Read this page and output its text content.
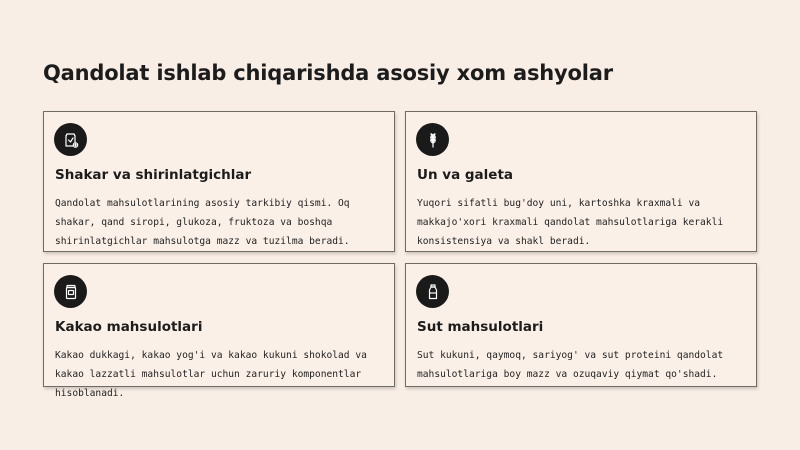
Qandolat ishlab chiqarishda asosiy xom ashyolar
Shakar va shirinlatgichlar

Qandolat mahsulotlarining asosiy tarkibiy qismi. Oq shakar, qand siropi, glukoza, fruktoza va boshqa shirinlatgichlar mahsulotga mazz va tuzilma beradi.

Un va galeta

Yuqori sifatli bug'doy uni, kartoshka kraxmali va makkajo'xori kraxmali qandolat mahsulotlariga kerakli konsistensiya va shakl beradi.

Kakao mahsulotlari

Kakao dukkagi, kakao yog'i va kakao kukuni shokolad va kakao lazzatli mahsulotlar uchun zaruriy komponentlar hisoblanadi.

Sut mahsulotlari

Sut kukuni, qaymoq, sariyog' va sut proteini qandolat mahsulotlariga boy mazz va ozuqaviy qiymat qo'shadi.
